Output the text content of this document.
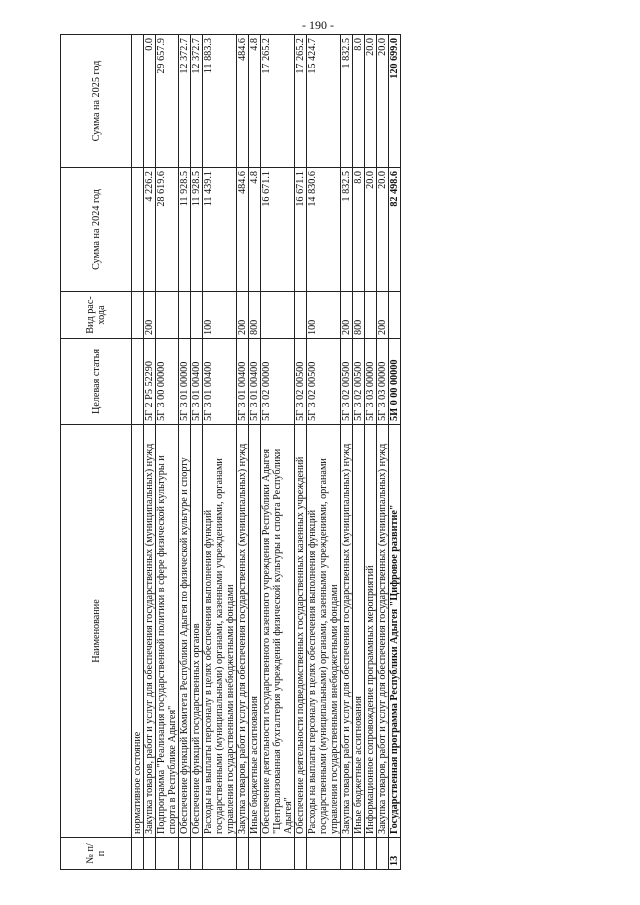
- 190 -
№ п/п	Наименование	Целевая статья	Вид рас-хода	Сумма на 2024 год	Сумма на 2025 год
	нормативное состояние				
	Закупка товаров, работ и услуг для обеспечения государственных (муниципальных) нужд	5Г 2 Р5 52290	200	4 226.2	0.0
	Подпрограмма "Реализация государственной политики в сфере физической культуры и спорта в Республике Адыгея"	5Г 3 00 00000		28 619.6	29 657.9
	Обеспечение функций Комитета Республики Адыгея по физической культуре и спорту	5Г 3 01 00000		11 928.5	12 372.7
	Обеспечение функций государственных органов	5Г 3 01 00400		11 928.5	12 372.7
	Расходы на выплаты персоналу в целях обеспечения выполнения функций государственными (муниципальными) органами, казенными учреждениями, органами управления государственными внебюджетными фондами	5Г 3 01 00400	100	11 439.1	11 883.3
	Закупка товаров, работ и услуг для обеспечения государственных (муниципальных) нужд	5Г 3 01 00400	200	484.6	484.6
	Иные бюджетные ассигнования	5Г 3 01 00400	800	4.8	4.8
	Обеспечение деятельности государственного казенного учреждения Республики Адыгея "Централизованная бухгалтерия учреждений физической культуры и спорта Республики Адыгея"	5Г 3 02 00000		16 671.1	17 265.2
	Обеспечение деятельности подведомственных государственных казенных учреждений	5Г 3 02 00500		16 671.1	17 265.2
	Расходы на выплаты персоналу в целях обеспечения выполнения функций государственными (муниципальными) органами, казенными учреждениями, органами управления государственными внебюджетными фондами	5Г 3 02 00500	100	14 830.6	15 424.7
	Закупка товаров, работ и услуг для обеспечения государственных (муниципальных) нужд	5Г 3 02 00500	200	1 832.5	1 832.5
	Иные бюджетные ассигнования	5Г 3 02 00500	800	8.0	8.0
	Информационное сопровождение программных мероприятий	5Г 3 03 00000		20.0	20.0
	Закупка товаров, работ и услуг для обеспечения государственных (муниципальных) нужд	5Г 3 03 00000	200	20.0	20.0
13	Государственная программа Республики Адыгея "Цифровое развитие"	5И 0 00 00000		82 498.6	120 699.0
